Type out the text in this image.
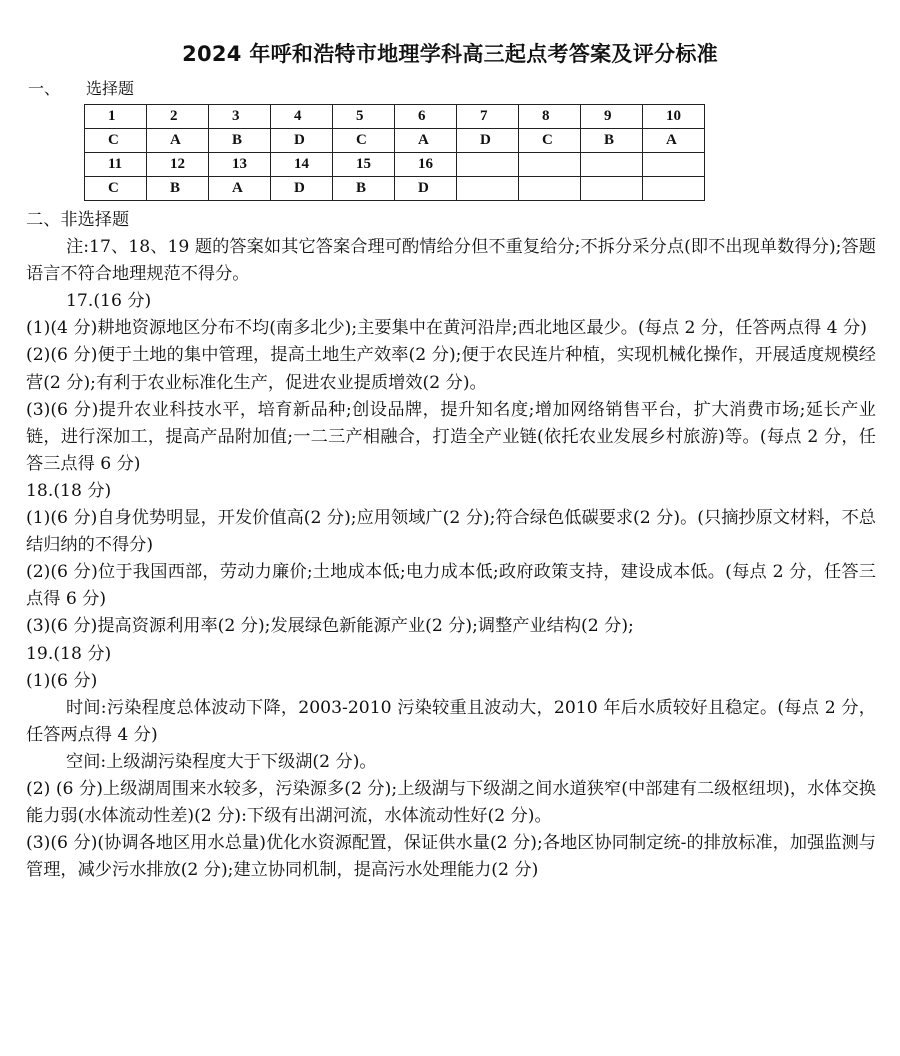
2024 年呼和浩特市地理学科高三起点考答案及评分标准
一、 选择题
1	2	3	4	5	6	7	8	9	10
C	A	B	D	C	A	D	C	B	A
11	12	13	14	15	16				
C	B	A	D	B	D				

二、非选择题

注:17、18、19 题的答案如其它答案合理可酌情给分但不重复给分;不拆分采分点(即不出现单数得分);答题语言不符合地理规范不得分。

17.(16 分)

(1)(4 分)耕地资源地区分布不均(南多北少);主要集中在黄河沿岸;西北地区最少。(每点 2 分，任答两点得 4 分)

(2)(6 分)便于土地的集中管理，提高土地生产效率(2 分);便于农民连片种植，实现机械化操作，开展适度规模经营(2 分);有利于农业标准化生产，促进农业提质增效(2 分)。

(3)(6 分)提升农业科技水平，培育新品种;创设品牌，提升知名度;增加网络销售平台，扩大消费市场;延长产业链，进行深加工，提高产品附加值;一二三产相融合，打造全产业链(依托农业发展乡村旅游)等。(每点 2 分，任答三点得 6 分)

18.(18 分)

(1)(6 分)自身优势明显，开发价值高(2 分);应用领域广(2 分);符合绿色低碳要求(2 分)。(只摘抄原文材料，不总结归纳的不得分)

(2)(6 分)位于我国西部，劳动力廉价;土地成本低;电力成本低;政府政策支持，建设成本低。(每点 2 分，任答三点得 6 分)

(3)(6 分)提高资源利用率(2 分);发展绿色新能源产业(2 分);调整产业结构(2 分);

19.(18 分)

(1)(6 分)

时间:污染程度总体波动下降，2003-2010 污染较重且波动大，2010 年后水质较好且稳定。(每点 2 分，任答两点得 4 分)

空间:上级湖污染程度大于下级湖(2 分)。

(2) (6 分)上级湖周围来水较多，污染源多(2 分);上级湖与下级湖之间水道狭窄(中部建有二级枢纽坝)，水体交换能力弱(水体流动性差)(2 分):下级有出湖河流，水体流动性好(2 分)。

(3)(6 分)(协调各地区用水总量)优化水资源配置，保证供水量(2 分);各地区协同制定统-的排放标准，加强监测与管理，减少污水排放(2 分);建立协同机制，提高污水处理能力(2 分)
